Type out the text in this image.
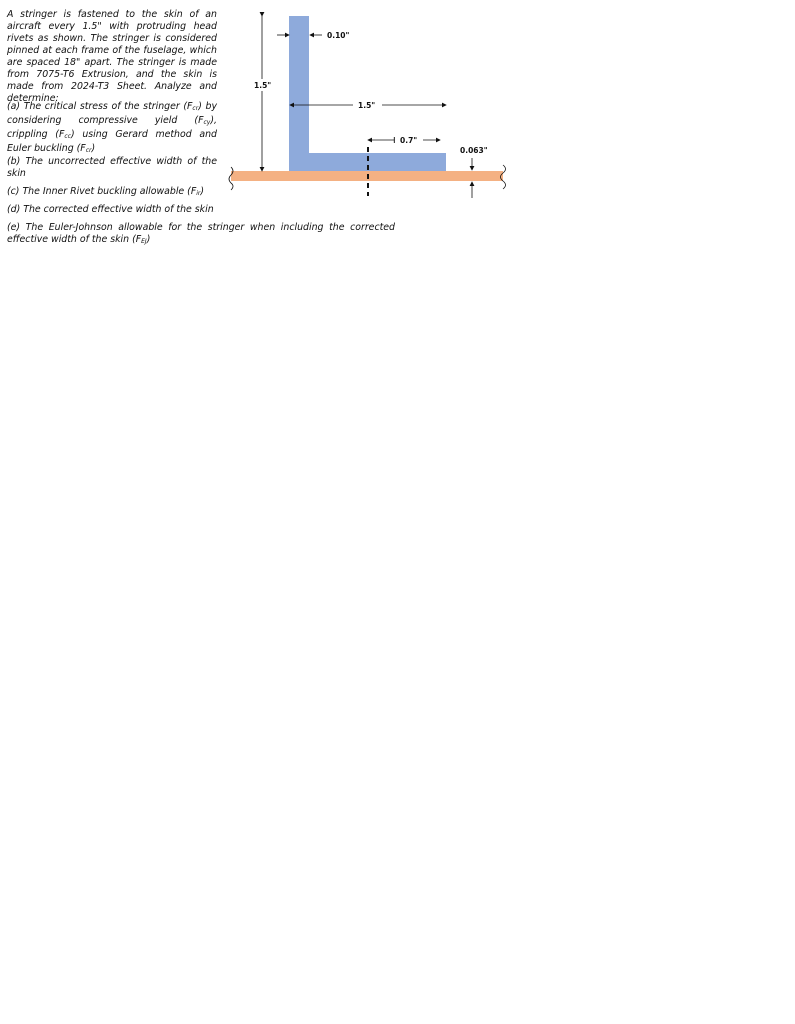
A stringer is fastened to the skin of an aircraft every 1.5" with protruding head rivets as shown. The stringer is considered pinned at each frame of the fuselage, which are spaced 18" apart. The stringer is made from 7075-T6 Extrusion, and the skin is made from 2024-T3 Sheet. Analyze and determine:

(a) The critical stress of the stringer $(F_{cr})$ by considering compressive yield $(F_{cy})$, crippling $(F_{cc})$ using Gerard method and Euler buckling $(F_{cr})$

(b) The uncorrected effective width of the skin

(c) The Inner Rivet buckling allowable $(F_{ir})$

(d) The corrected effective width of the skin

(e) The Euler-Johnson allowable for the stringer when including the corrected effective width of the skin $(F_{EJ})$

1.5"
0.10"
1.5"
0.7"
0.063"
